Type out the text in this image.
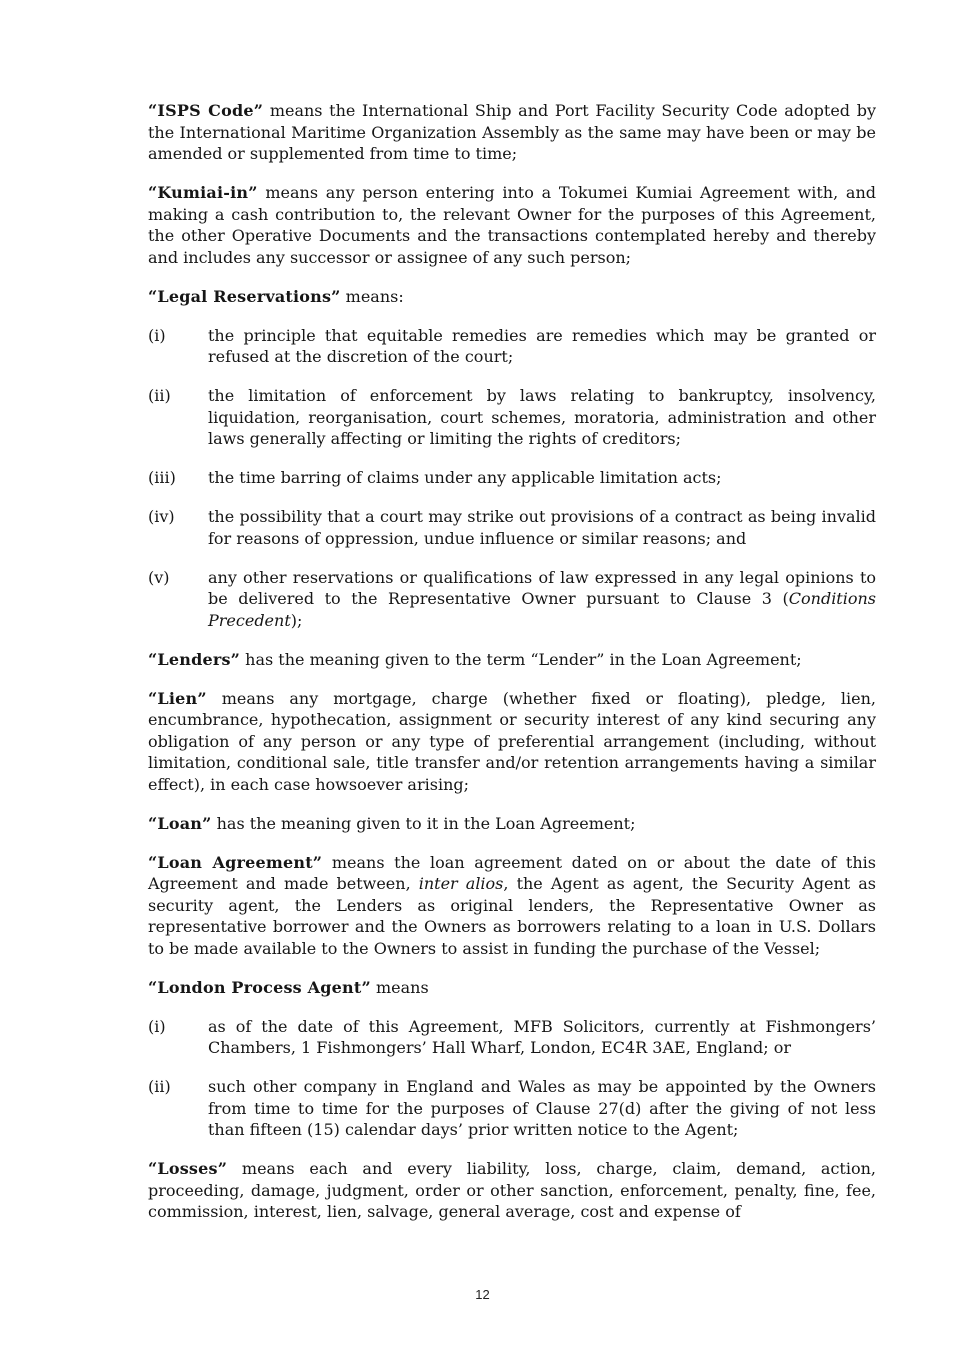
“ISPS Code” means the International Ship and Port Facility Security Code adopted by the International Maritime Organization Assembly as the same may have been or may be amended or supplemented from time to time;

“Kumiai-in” means any person entering into a Tokumei Kumiai Agreement with, and making a cash contribution to, the relevant Owner for the purposes of this Agreement, the other Operative Documents and the transactions contemplated hereby and thereby and includes any successor or assignee of any such person;

“Legal Reservations” means:

(i)	the principle that equitable remedies are remedies which may be granted or refused at the discretion of the court;
(ii)	the limitation of enforcement by laws relating to bankruptcy, insolvency, liquidation, reorganisation, court schemes, moratoria, administration and other laws generally affecting or limiting the rights of creditors;
(iii)	the time barring of claims under any applicable limitation acts;
(iv)	the possibility that a court may strike out provisions of a contract as being invalid for reasons of oppression, undue influence or similar reasons; and
(v)	any other reservations or qualifications of law expressed in any legal opinions to be delivered to the Representative Owner pursuant to Clause 3 (Conditions Precedent);

“Lenders” has the meaning given to the term “Lender” in the Loan Agreement;

“Lien” means any mortgage, charge (whether fixed or floating), pledge, lien, encumbrance, hypothecation, assignment or security interest of any kind securing any obligation of any person or any type of preferential arrangement (including, without limitation, conditional sale, title transfer and/or retention arrangements having a similar effect), in each case howsoever arising;

“Loan” has the meaning given to it in the Loan Agreement;

“Loan Agreement” means the loan agreement dated on or about the date of this Agreement and made between, inter alios, the Agent as agent, the Security Agent as security agent, the Lenders as original lenders, the Representative Owner as representative borrower and the Owners as borrowers relating to a loan in U.S. Dollars to be made available to the Owners to assist in funding the purchase of the Vessel;

“London Process Agent” means

(i)	as of the date of this Agreement, MFB Solicitors, currently at Fishmongers’ Chambers, 1 Fishmongers’ Hall Wharf, London, EC4R 3AE, England; or
(ii)	such other company in England and Wales as may be appointed by the Owners from time to time for the purposes of Clause 27(d) after the giving of not less than fifteen (15) calendar days’ prior written notice to the Agent;

“Losses” means each and every liability, loss, charge, claim, demand, action, proceeding, damage, judgment, order or other sanction, enforcement, penalty, fine, fee, commission, interest, lien, salvage, general average, cost and expense of

12
